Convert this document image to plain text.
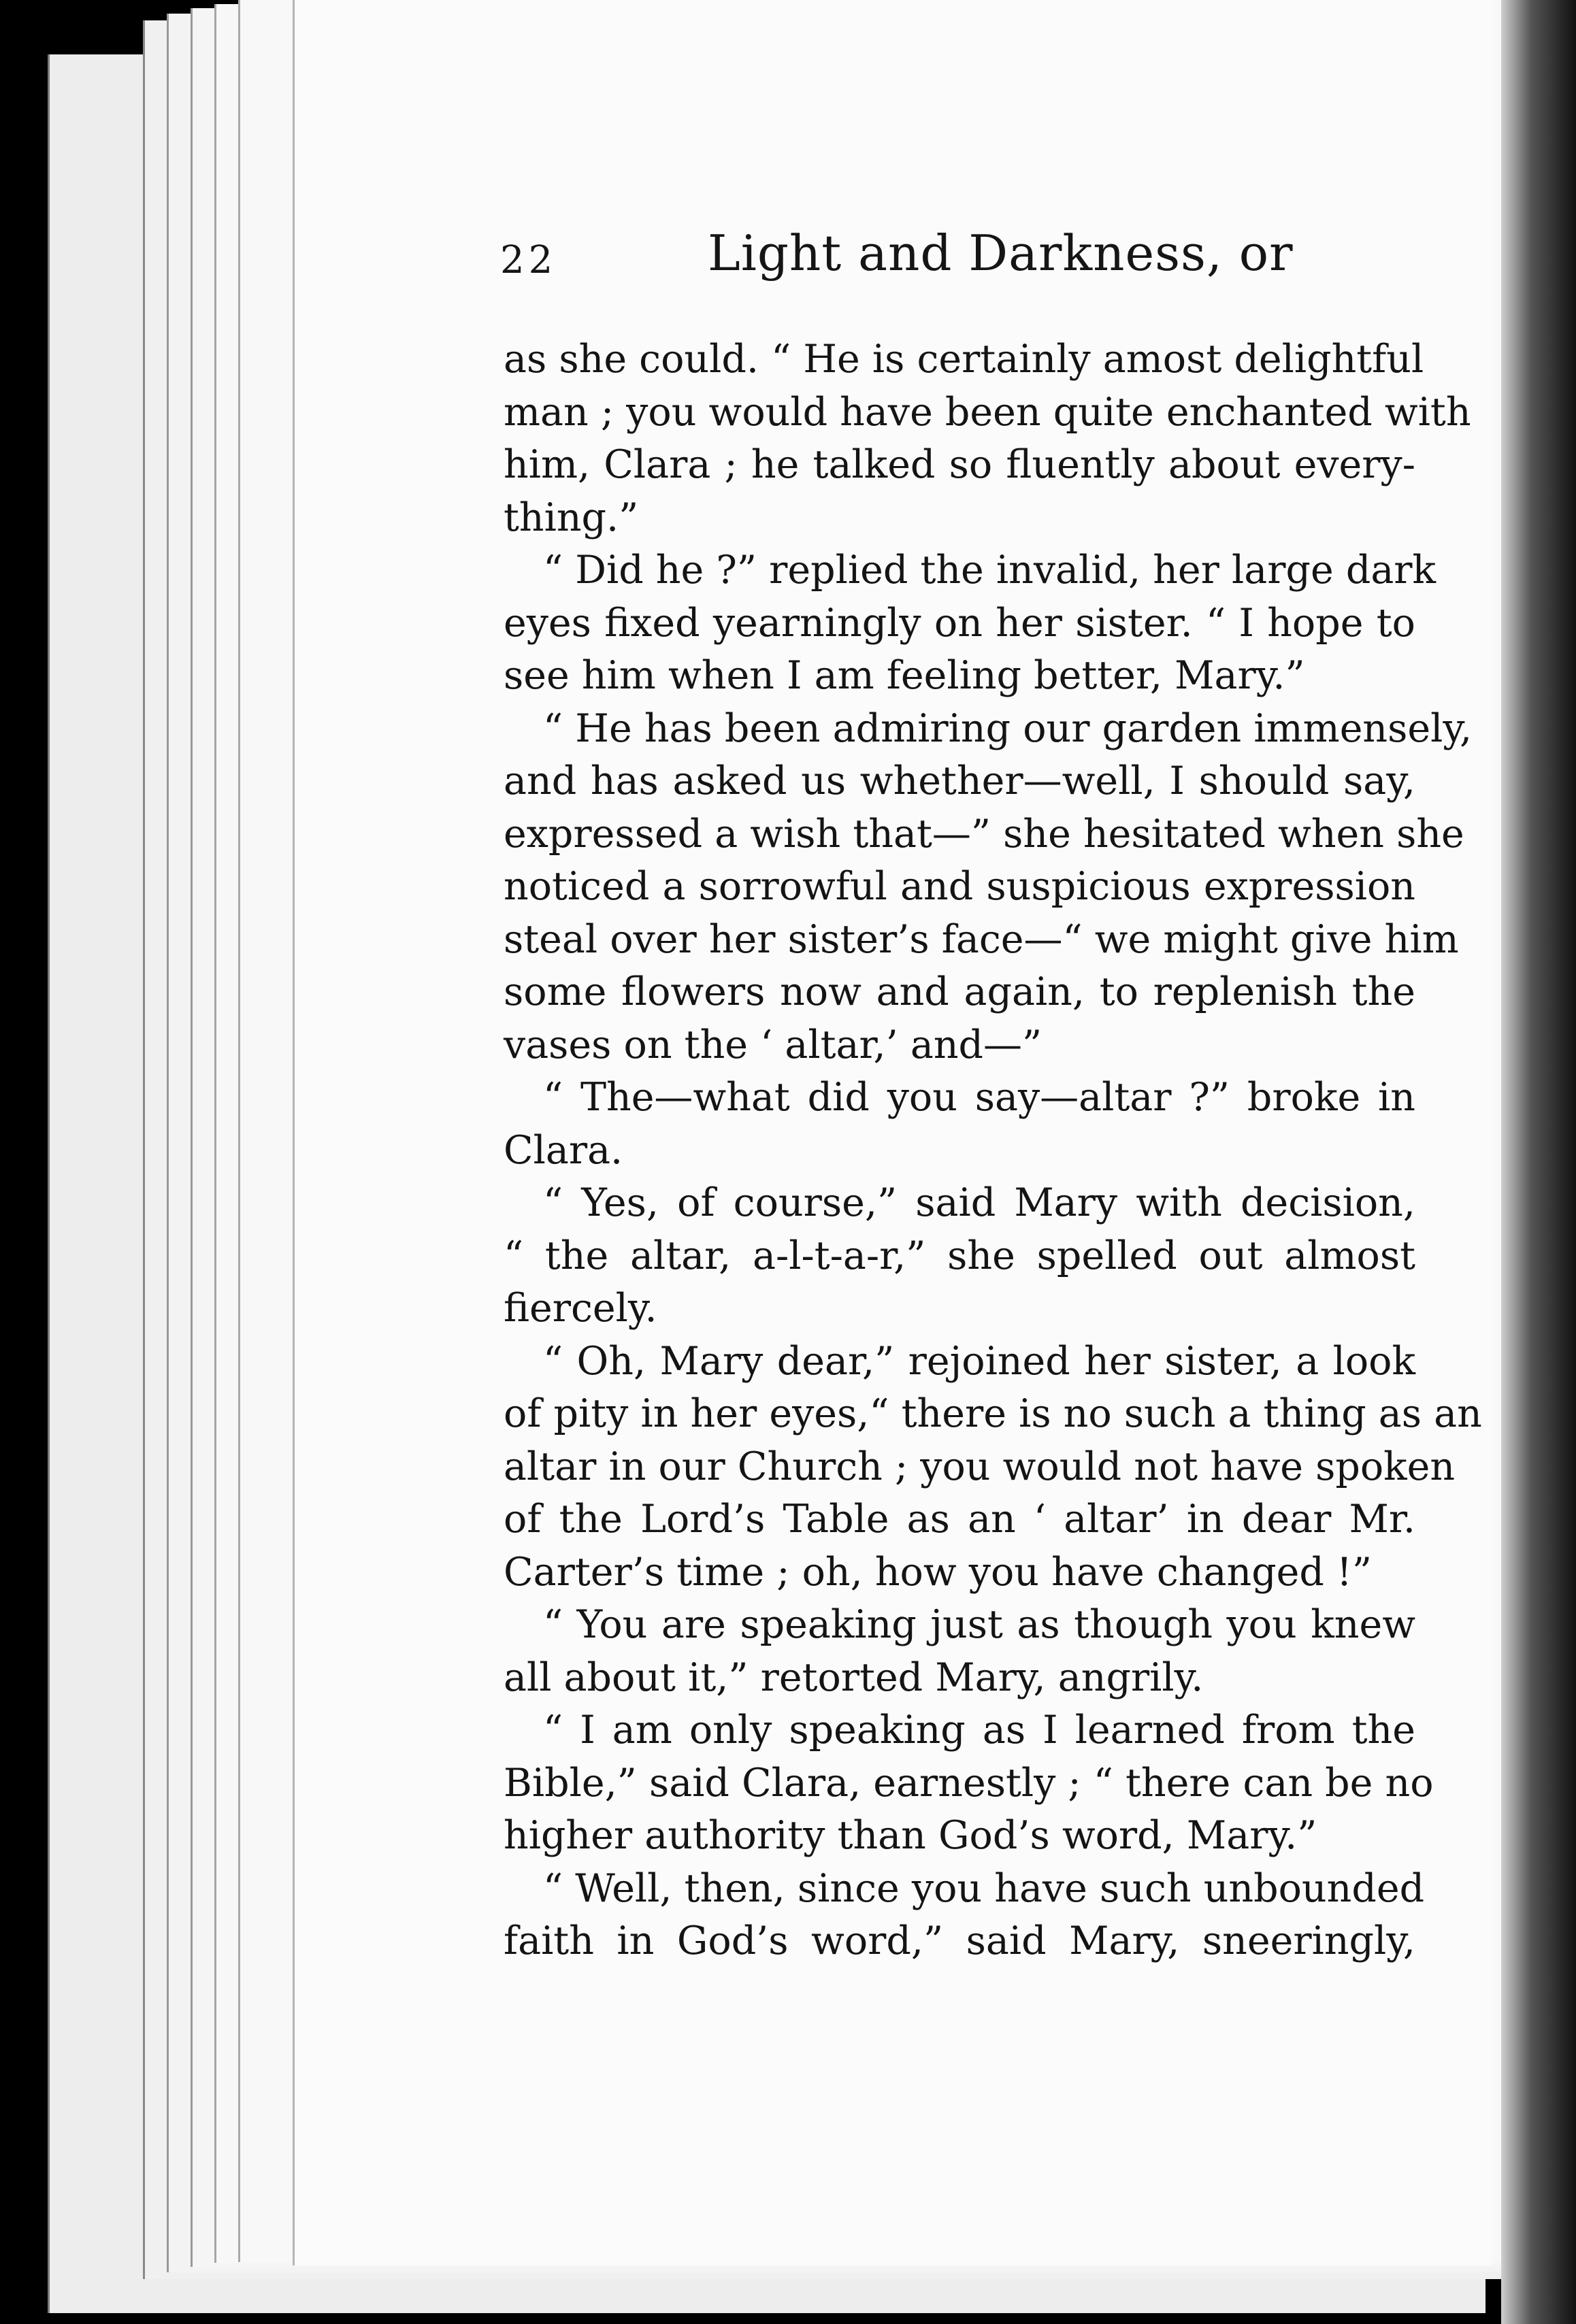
22	Light and Darkness, or
as she could. “ He is certainly amost delightful
man ; you would have been quite enchanted with
him, Clara ; he talked so fluently about every-
thing.”
“ Did he ?” replied the invalid, her large dark
eyes fixed yearningly on her sister. “ I hope to
see him when I am feeling better, Mary.”
“ He has been admiring our garden immensely,
and has asked us whether—well, I should say,
expressed a wish that—” she hesitated when she
noticed a sorrowful and suspicious expression
steal over her sister’s face—“ we might give him
some flowers now and again, to replenish the
vases on the ‘ altar,’ and—”
“ The—what did you say—altar ?” broke in
Clara.
“ Yes, of course,” said Mary with decision,
“ the altar, a-l-t-a-r,” she spelled out almost
fiercely.
“ Oh, Mary dear,” rejoined her sister, a look
of pity in her eyes,“ there is no such a thing as an
altar in our Church ; you would not have spoken
of the Lord’s Table as an ‘ altar’ in dear Mr.
Carter’s time ; oh, how you have changed !”
“ You are speaking just as though you knew
all about it,” retorted Mary, angrily.
“ I am only speaking as I learned from the
Bible,” said Clara, earnestly ; “ there can be no
higher authority than God’s word, Mary.”
“ Well, then, since you have such unbounded
faith in God’s word,” said Mary, sneeringly,
